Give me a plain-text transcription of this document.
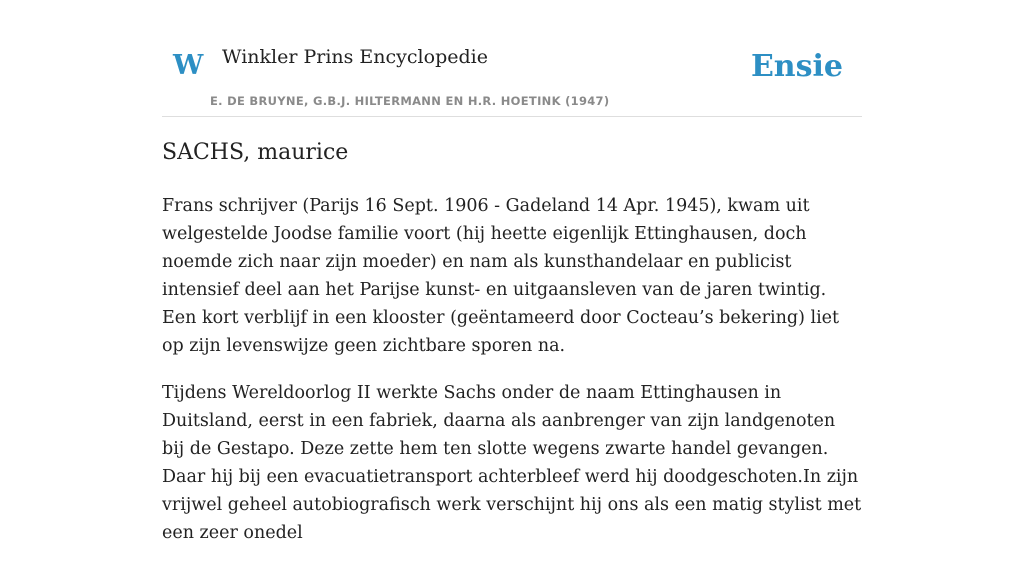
W Winkler Prins Encyclopedie
E. DE BRUYNE, G.B.J. HILTERMANN EN H.R. HOETINK (1947)
Ensie
SACHS, maurice

Frans schrijver (Parijs 16 Sept. 1906 - Gadeland 14 Apr. 1945), kwam uit welgestelde Joodse familie voort (hij heette eigenlijk Ettinghausen, doch noemde zich naar zijn moeder) en nam als kunsthandelaar en publicist intensief deel aan het Parijse kunst- en uitgaansleven van de jaren twintig. Een kort verblijf in een klooster (geëntameerd door Cocteau’s bekering) liet op zijn levenswijze geen zichtbare sporen na.

Tijdens Wereldoorlog II werkte Sachs onder de naam Ettinghausen in Duitsland, eerst in een fabriek, daarna als aanbrenger van zijn landgenoten bij de Gestapo. Deze zette hem ten slotte wegens zwarte handel gevangen. Daar hij bij een evacuatietransport achterbleef werd hij doodgeschoten.In zijn vrijwel geheel autobiografisch werk verschijnt hij ons als een matig stylist met een zeer onedel
